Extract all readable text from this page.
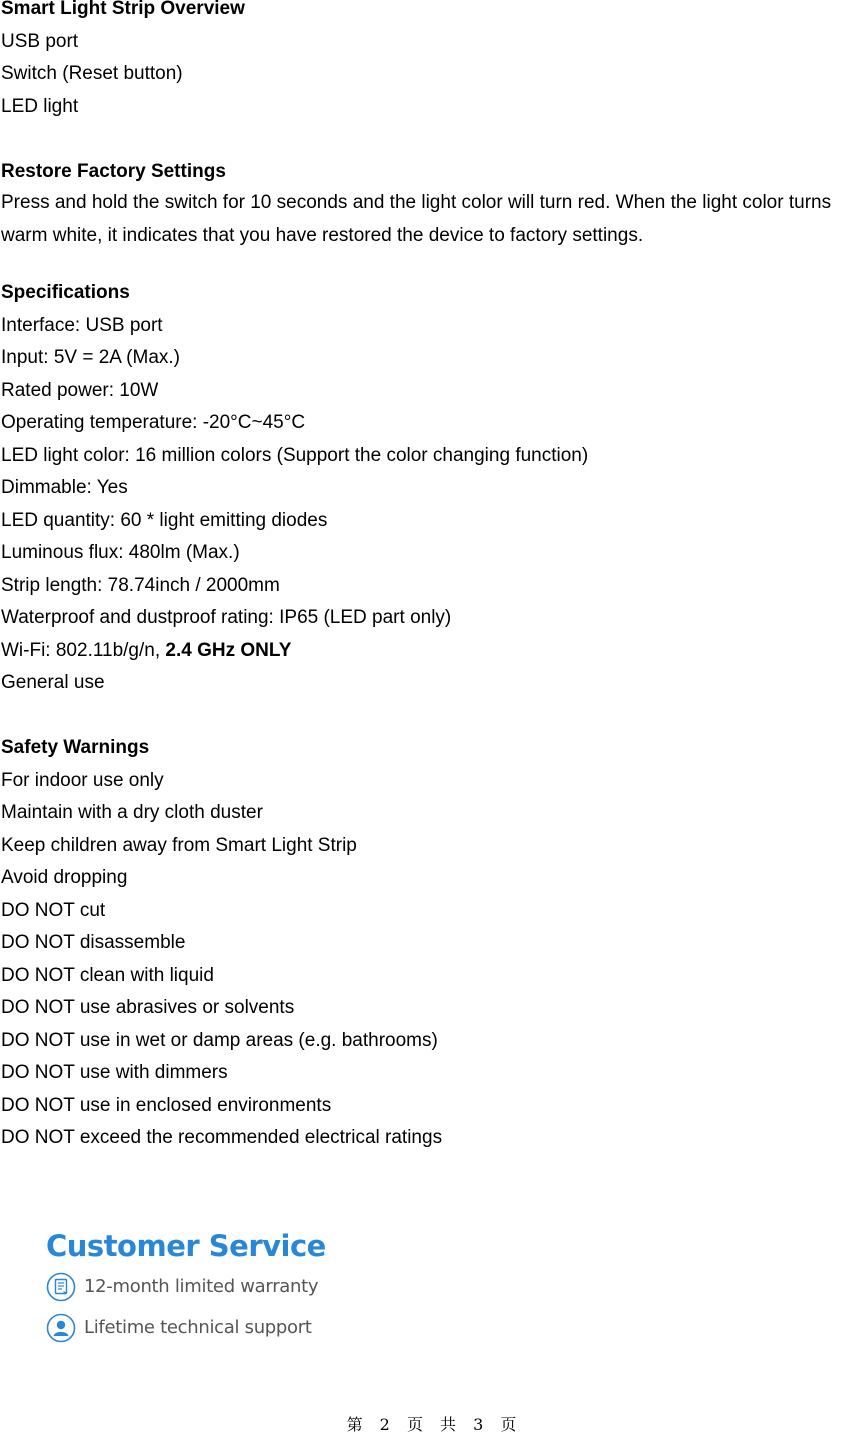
Smart Light Strip Overview
USB port
Switch (Reset button)
LED light
Restore Factory Settings
Press and hold the switch for 10 seconds and the light color will turn red. When the light color turns warm white, it indicates that you have restored the device to factory settings.
Specifications
Interface: USB port
Input: 5V = 2A (Max.)
Rated power: 10W
Operating temperature: -20°C~45°C
LED light color: 16 million colors (Support the color changing function)
Dimmable: Yes
LED quantity: 60 * light emitting diodes
Luminous flux: 480lm (Max.)
Strip length: 78.74inch / 2000mm
Waterproof and dustproof rating: IP65 (LED part only)
Wi-Fi: 802.11b/g/n, 2.4 GHz ONLY
General use
Safety Warnings
For indoor use only
Maintain with a dry cloth duster
Keep children away from Smart Light Strip
Avoid dropping
DO NOT cut
DO NOT disassemble
DO NOT clean with liquid
DO NOT use abrasives or solvents
DO NOT use in wet or damp areas (e.g. bathrooms)
DO NOT use with dimmers
DO NOT use in enclosed environments
DO NOT exceed the recommended electrical ratings
Customer Service
12-month limited warranty
Lifetime technical support
第 2 页 共 3 页
